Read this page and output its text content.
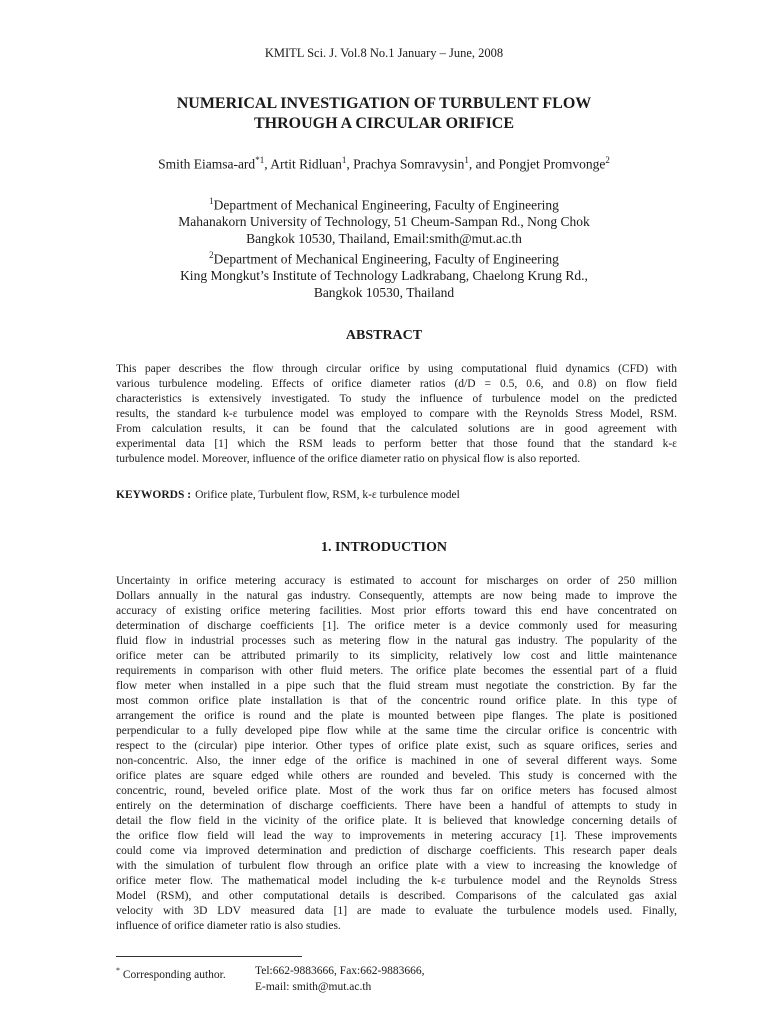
KMITL Sci. J. Vol.8 No.1 January – June, 2008
NUMERICAL INVESTIGATION OF TURBULENT FLOW
THROUGH A CIRCULAR ORIFICE
Smith Eiamsa-ard$^{*1}$, Artit Ridluan$^1$, Prachya Somravysin$^1$, and Pongjet Promvonge$^2$
$^1$Department of Mechanical Engineering, Faculty of Engineering
Mahanakorn University of Technology, 51 Cheum-Sampan Rd., Nong Chok
Bangkok 10530, Thailand, Email:smith@mut.ac.th
$^2$Department of Mechanical Engineering, Faculty of Engineering
King Mongkut’s Institute of Technology Ladkrabang, Chaelong Krung Rd.,
Bangkok 10530, Thailand
ABSTRACT
This paper describes the flow through circular orifice by using computational fluid dynamics (CFD) with
various turbulence modeling. Effects of orifice diameter ratios (d/D = 0.5, 0.6, and 0.8) on flow field
characteristics is extensively investigated. To study the influence of turbulence model on the predicted
results, the standard k-ε turbulence model was employed to compare with the Reynolds Stress Model, RSM.
From calculation results, it can be found that the calculated solutions are in good agreement with
experimental data [1] which the RSM leads to perform better that those found that the standard k-ε
turbulence model. Moreover, influence of the orifice diameter ratio on physical flow is also reported.
KEYWORDS : Orifice plate, Turbulent flow, RSM, k-ε turbulence model
1. INTRODUCTION
Uncertainty in orifice metering accuracy is estimated to account for mischarges on order of 250 million
Dollars annually in the natural gas industry. Consequently, attempts are now being made to improve the
accuracy of existing orifice metering facilities. Most prior efforts toward this end have concentrated on
determination of discharge coefficients [1]. The orifice meter is a device commonly used for measuring
fluid flow in industrial processes such as metering flow in the natural gas industry. The popularity of the
orifice meter can be attributed primarily to its simplicity, relatively low cost and little maintenance
requirements in comparison with other fluid meters. The orifice plate becomes the essential part of a fluid
flow meter when installed in a pipe such that the fluid stream must negotiate the constriction. By far the
most common orifice plate installation is that of the concentric round orifice plate. In this type of
arrangement the orifice is round and the plate is mounted between pipe flanges. The plate is positioned
perpendicular to a fully developed pipe flow while at the same time the circular orifice is concentric with
respect to the (circular) pipe interior. Other types of orifice plate exist, such as square orifices, series and
non-concentric. Also, the inner edge of the orifice is machined in one of several different ways. Some
orifice plates are square edged while others are rounded and beveled. This study is concerned with the
concentric, round, beveled orifice plate. Most of the work thus far on orifice meters has focused almost
entirely on the determination of discharge coefficients. There have been a handful of attempts to study in
detail the flow field in the vicinity of the orifice plate. It is believed that knowledge concerning details of
the orifice flow field will lead the way to improvements in metering accuracy [1]. These improvements
could come via improved determination and prediction of discharge coefficients. This research paper deals
with the simulation of turbulent flow through an orifice plate with a view to increasing the knowledge of
orifice meter flow. The mathematical model including the k-ε turbulence model and the Reynolds Stress
Model (RSM), and other computational details is described. Comparisons of the calculated gas axial
velocity with 3D LDV measured data [1] are made to evaluate the turbulence models used. Finally,
influence of orifice diameter ratio is also studies.
* Corresponding author.	Tel:662-9883666, Fax:662-9883666,
E-mail: smith@mut.ac.th
